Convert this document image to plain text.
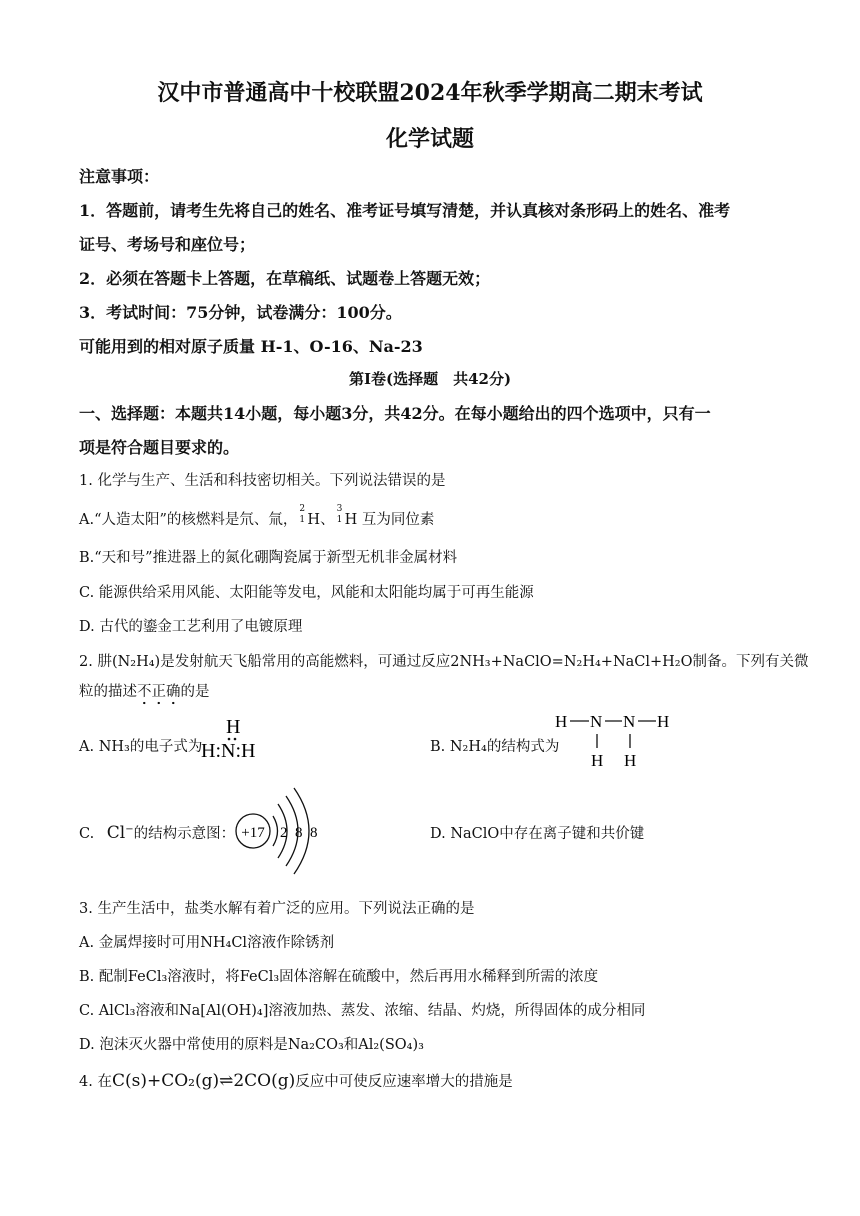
汉中市普通高中十校联盟2024年秋季学期高二期末考试
化学试题
注意事项：
1．答题前，请考生先将自己的姓名、准考证号填写清楚，并认真核对条形码上的姓名、准考
证号、考场号和座位号；
2．必须在答题卡上答题，在草稿纸、试题卷上答题无效；
3．考试时间：75分钟，试卷满分：100分。
可能用到的相对原子质量 H-1、O-16、Na-23
第Ⅰ卷(选择题　共42分)
一、选择题：本题共14小题，每小题3分，共42分。在每小题给出的四个选项中，只有一
项是符合题目要求的。
1. 化学与生产、生活和科技密切相关。下列说法错误的是
A.“人造太阳”的核燃料是氘、氚，
2
1 H、
3
1 H 互为同位素
B.“天和号”推进器上的氮化硼陶瓷属于新型无机非金属材料
C. 能源供给采用风能、太阳能等发电，风能和太阳能均属于可再生能源
D. 古代的鎏金工艺利用了电镀原理
2. 肼(N₂H₄)是发射航天飞船常用的高能燃料，可通过反应2NH₃+NaClO=N₂H₄+NaCl+H₂O制备。下列有关微
粒的描述不正确的是
A. NH₃的电子式为
H
H:N:H	B. N₂H₄的结构式为
H N N H
H H
C. Cl−的结构示意图： +17 2 8 8	D. NaClO中存在离子键和共价键
3. 生产生活中，盐类水解有着广泛的应用。下列说法正确的是
A. 金属焊接时可用NH₄Cl溶液作除锈剂
B. 配制FeCl₃溶液时，将FeCl₃固体溶解在硫酸中，然后再用水稀释到所需的浓度
C. AlCl₃溶液和Na[Al(OH)₄]溶液加热、蒸发、浓缩、结晶、灼烧，所得固体的成分相同
D. 泡沫灭火器中常使用的原料是Na₂CO₃和Al₂(SO₄)₃
4. 在C(s)+CO₂(g)⇌2CO(g)反应中可使反应速率增大的措施是
